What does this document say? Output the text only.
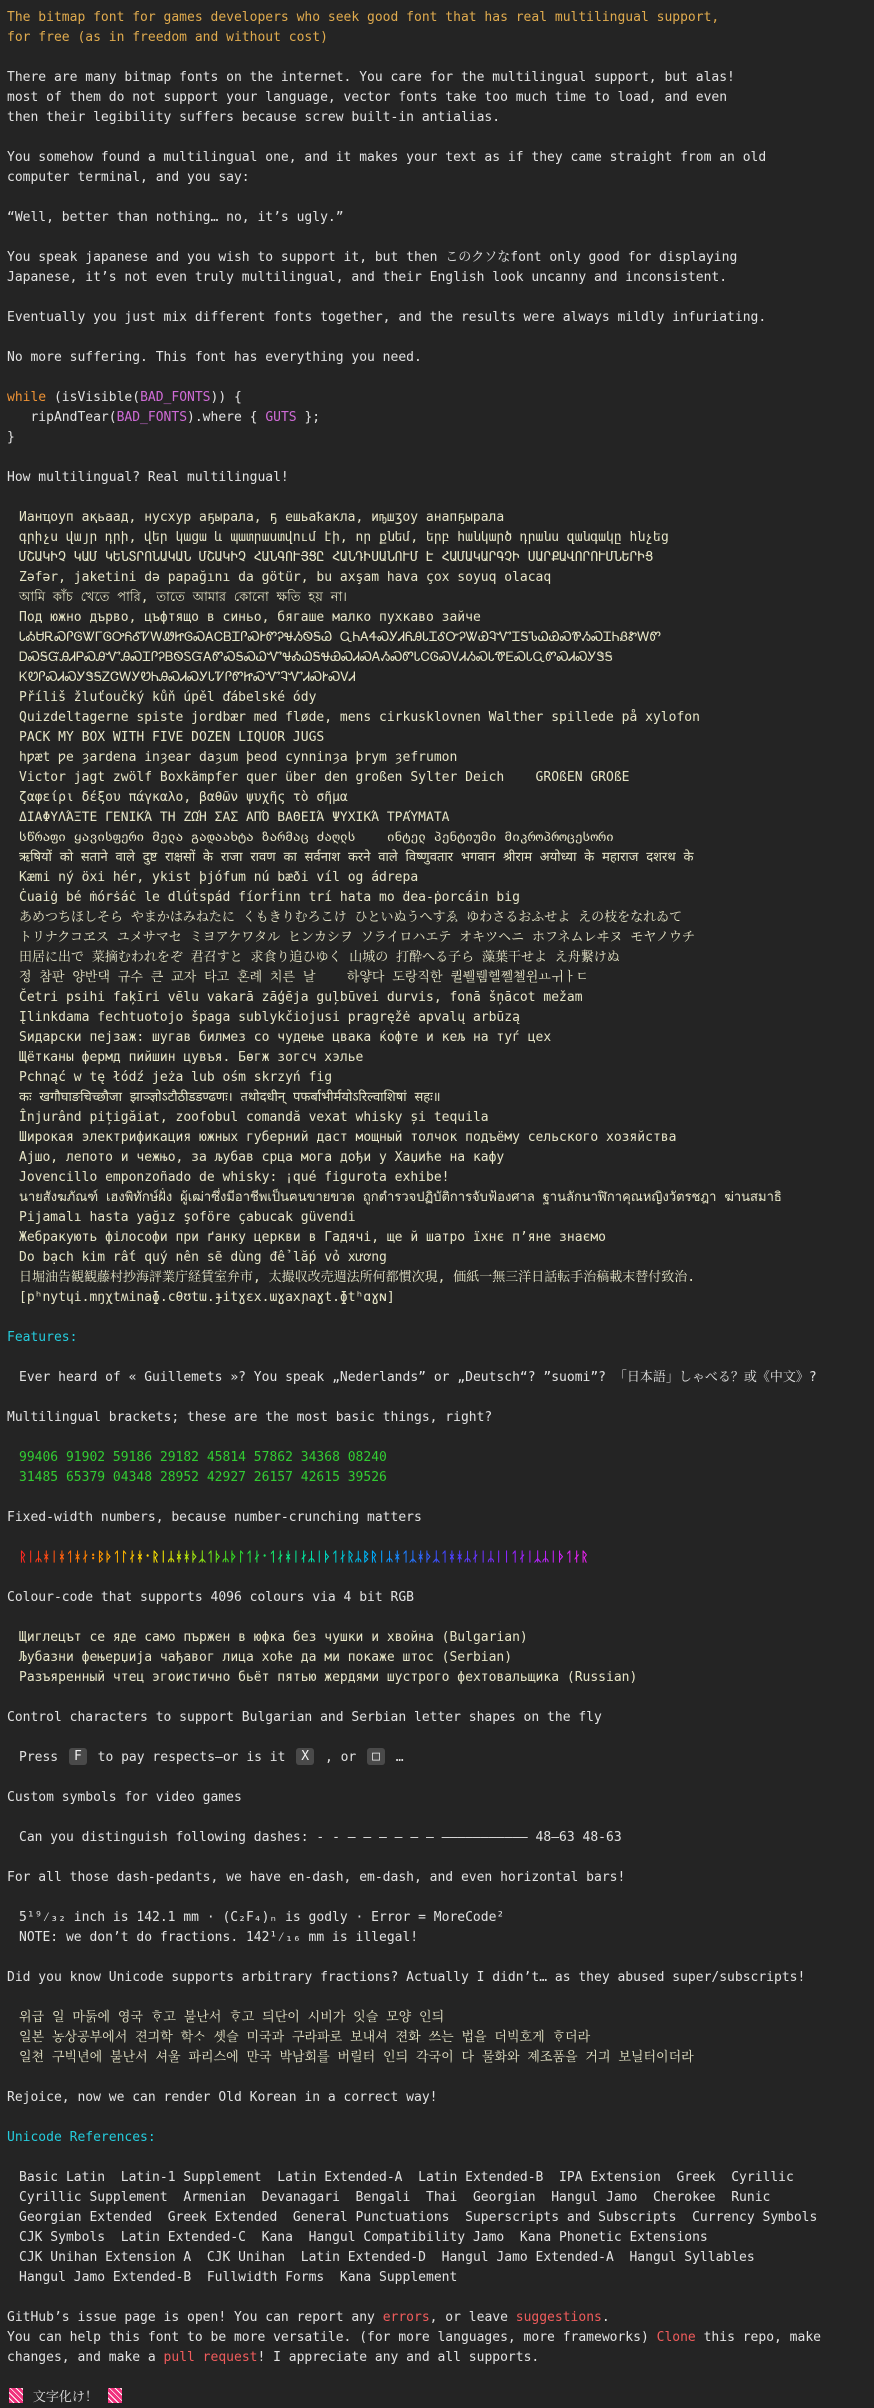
The bitmap font for games developers who seek good font that has real multilingual support,
for free (as in freedom and without cost)

There are many bitmap fonts on the internet. You care for the multilingual support, but alas!
most of them do not support your language, vector fonts take too much time to load, and even
then their legibility suffers because screw built-in antialias.

You somehow found a multilingual one, and it makes your text as if they came straight from an old
computer terminal, and you say:

“Well, better than nothing… no, it’s ugly.”

You speak japanese and you wish to support it, but then このクソなfont only good for displaying
Japanese, it’s not even truly multilingual, and their English look uncanny and inconsistent.

Eventually you just mix different fonts together, and the results were always mildly infuriating.

No more suffering. This font has everything you need.

while (isVisible(BAD_FONTS)) {
ripAndTear(BAD_FONTS).where { GUTS };
}

How multilingual? Real multilingual!

Ианҵоуп ақьаад, нусхур аҕырала, ҕ ешьаҟакла, иҧшӡоу анапҕырала
գրիչս վայր դրի, վեր կացա և պատրաստվում էի, որ քնեմ, երբ հանկարծ դրանս զանգակը հնչեց
ՄՇԱԿԻՉ ԿԱՄ ԿԵՆՏՐՈՆԱԿԱՆ ՄՇԱԿԻՉ ՀԱՆԳՈՒՅՑԸ ՀԱՆԴԻՍԱՆՈՒՄ Է ՀԱՄԱԿԱՐԳՉԻ ՍԱՐՔԱՎՈՐՈՒՄՆԵՐԻՑ
Zəfər, jaketini də papağını da götür, bu axşam hava çox soyuq olacaq
আমি কাঁচ খেতে পারি, তাতে আমার কোনো ক্ষতি হয় না।
Под южно дърво, цъфтящо в синьо, бягаше малко пухкаво зайче
ᏓᎣᏌᎡᏍᎵᎶᏔᎱᎶᎤᏲᎴᏤᎳᏪᏥᎶᏍᎪᏟᏴᏆᎵᏍᎨᏛᎮᏠᏱᏫᎦᏊ ᏩᏂᎪᏎᏍᎩᏗᏲᎯᏓᏆᎴᏅᎮᏔᏯᎸᏉᏆᎦᏖᏇᏯᏍᏈᏱᏍᏆᏂᏰᏑᎳᏛ
ᎠᏍᎦᏳᎯᏗᏢᏍᎯᏉᎯᏍᏆᎵᎮᏴᏫᏚᏳᎪᏛᏍᎦᏍᏇᏉᏠᎣᏇᎦᏠᏯᏍᏗᏍᎪᏱᏍᏛᏓᏟᎶᏍᏙᏗᏱᏍᏓᏡᎬᏍᏓᏩᏛᏍᏗᏍᎩᏕᎦ
ᏦᏬᎵᏍᏗᏍᎩᏕᎦᏃᏣᎳᎩᏬᏂᎯᏍᏗᏍᎩᏓᏤᎵᏛᏥᏍᏉᎸᏉᏗᏍᎨᏍᏙᏗ
Příliš žluťoučký kůň úpěl ďábelské ódy
Quizdeltagerne spiste jordbær med fløde, mens cirkusklovnen Walther spillede på xylofon
PACK MY BOX WITH FIVE DOZEN LIQUOR JUGS
hƿæt ƿe ȝardena inȝear daȝum þeod cynninȝa þrym ȝefrumon
Victor jagt zwölf Boxkämpfer quer über den großen Sylter Deich    GROßEN GROßE
ζαφείρι δέξου πάγκαλο, βαθῶν ψυχῆς τὸ σῆμα
ΔΙΑΦΥΛΆΞΤΕ ΓΕΝΙΚΆ ΤΗ ΖΩΉ ΣΑΣ ΑΠΌ ΒΑΘΕΙΆ ΨΥΧΙΚΆ ΤΡΑΎΜΑΤΑ
სწრაფი ყავისფერი მელა გადაახტა ზარმაც ძაღლს    ინტელ პენტიუმი მიკროპროცესორი
ऋषियों को सताने वाले दुष्ट राक्षसों के राजा रावण का सर्वनाश करने वाले विष्णुवतार भगवान श्रीराम अयोध्या के महाराज दशरथ के
Kæmi ný öxi hér, ykist þjófum nú bæði víl og ádrepa
Ċuaiġ bé ṁórṡáċ le dlúṫspád fíorḟinn trí hata mo ḋea-ṗorcáin big
あめつちほしそら やまかはみねたに くもきりむろこけ ひといぬうへすゑ ゆわさるおふせよ えの枝をなれゐて
トリナクコヱス ユメサマセ ミヨアケワタル ヒンカシヲ ソライロハエテ オキツヘニ ホフネムレヰヌ モヤノウチ
田居に出で 菜摘むわれをぞ 君召すと 求食り追ひゆく 山城の 打酔へる子ら 藻葉干せよ え舟繋けぬ
정 참판 양반댁 규수 큰 교자 타고 혼례 치른 날    하얗다 도랑직한 퀼뷀뤰헬쩰쳴윈ㅛㅟㅏㄷ
Četri psihi faķīri vēlu vakarā zāģēja guļbūvei durvis, fonā šņācot mežam
Įlinkdama fechtuotojo špaga sublykčiojusi pragręžė apvalų arbūzą
Ѕидарски пејзаж: шугав билмез со чудење цвака ќофте и кељ на туѓ цех
Щётканы фермд пийшин цувъя. Бөгж зогсч хэлье
Pchnąć w tę łódź jeża lub ośm skrzyń fig
कः खगौघाङचिच्छौजा झाञ्ज्ञोऽटौठीडडण्ढणः। तथोदधीन् पफर्बाभीर्मयोऽरिल्वाशिषां सहः॥
Înjurând pițigăiat, zoofobul comandă vexat whisky și tequila
Широкая электрификация южных губерний даст мощный толчок подъёму сельского хозяйства
Ајшо, лепото и чежњо, за љубав срца мога дођи у Хаџиће на кафу
Jovencillo emponzoñado de whisky: ¡qué figurota exhibe!
นายสังฆภัณฑ์ เฮงพิทักษ์ฝั่ง ผู้เฒ่าซึ่งมีอาชีพเป็นฅนขายขวด ถูกตำรวจปฏิบัติการจับฟ้องศาล ฐานลักนาฬิกาคุณหญิงวัตรชฎา ฆ่านสมาธิ
Pijamalı hasta yağız şoföre çabucak güvendi
Жебракують філософи при ґанку церкви в Гадячі, ще й шатро їхнє п’яне знаємо
Do bạch kim rất quý nên sẽ dùng để lắp vỏ xương
日堀油告観観藤村抄海評業庁経賃室弁市, 太撮収改売週法所何都慣次現, 価紙一無三洋日話転手治稿載末替付致治.
[pʰnytɥi.mŋχtʍinaɸ.cθʊtɯ.ɟitɣɛx.ɯɣaxɲaɣt.ɸtʰɑɣɴ]

Features:

Ever heard of « Guillemets »? You speak „Nederlands” or „Deutsch“? ”suomi”? 「日本語」しゃべる？或《中文》?

Multilingual brackets; these are the most basic things, right?

99406 91902 59186 29182 45814 57862 34368 08240
31485 65379 04348 28952 42927 26157 42615 39526

Fixed-width numbers, because number-crunching matters

ᚱᛁᛦᚼᛁᚼᛐᚼᛅ᛬ᛒᚦᛐᛚᛅᚼ᛫ᚱᛁᛦᚼᚼᚦᛣᛐᚦᛦᚦᛚᛐᛅ᛫ᛐᛅᚼᛁᛅᛦᛁᚦᛐᛅᚱᛦᛒᚱᛁᛦᚼᛐᛣᚼᚦᛣᛐᚼᚼᛦᛅᛁᛦᛁᛁᛐᛅᛁᛣᛦᛁᚦᛐᛅᚱ

Colour-code that supports 4096 colours via 4 bit RGB

Щиглецът се яде само пържен в юфка без чушки и хвойна (Bulgarian)
Љубазни фењерџија чађавог лица хоће да ми покаже штос (Serbian)
Разъяренный чтец эгоистично бьёт пятью жердями шустрого фехтовальщика (Russian)

Control characters to support Bulgarian and Serbian letter shapes on the fly

Press F to pay respects—or is it X , or □ …

Custom symbols for video games

Can you distinguish following dashes: - - – – – – – – ——————————— 48–63 48-63

For all those dash-pedants, we have en-dash, em-dash, and even horizontal bars!

5¹⁹⁄₃₂ inch is 142.1 mm · (C₂F₄)ₙ is godly · Error = MoreCode²
NOTE: we don’t do fractions. 142¹⁄₁₆ mm is illegal!

Did you know Unicode supports arbitrary fractions? Actually I didn’t… as they abused super/subscripts!

위급 일 마둙에 영국 ᄒᆞ고 불난서 ᄒᆞ고 듸단이 시비가 잇슬 모양 인듸
일본 농상공부에서 젼긔학 학ᄉᆞ 솃슬 미국과 구라파로 보내셔 젼화 쓰는 법을 더빅호게 ᄒᆞ더라
일쳔 구빅년에 불난서 셔울 파리스에 만국 박남회를 버릴터 인듸 각국이 다 물화와 졔조품을 거긔 보닐터이더라

Rejoice, now we can render Old Korean in a correct way!

Unicode References:

Basic Latin  Latin-1 Supplement  Latin Extended-A  Latin Extended-B  IPA Extension  Greek  Cyrillic
Cyrillic Supplement  Armenian  Devanagari  Bengali  Thai  Georgian  Hangul Jamo  Cherokee  Runic
Georgian Extended  Greek Extended  General Punctuations  Superscripts and Subscripts  Currency Symbols
CJK Symbols  Latin Extended-C  Kana  Hangul Compatibility Jamo  Kana Phonetic Extensions
CJK Unihan Extension A  CJK Unihan  Latin Extended-D  Hangul Jamo Extended-A  Hangul Syllables
Hangul Jamo Extended-B  Fullwidth Forms  Kana Supplement

GitHub’s issue page is open! You can report any errors, or leave suggestions.
You can help this font to be more versatile. (for more languages, more frameworks) Clone this repo, make
changes, and make a pull request! I appreciate any and all supports.

文字化け！
